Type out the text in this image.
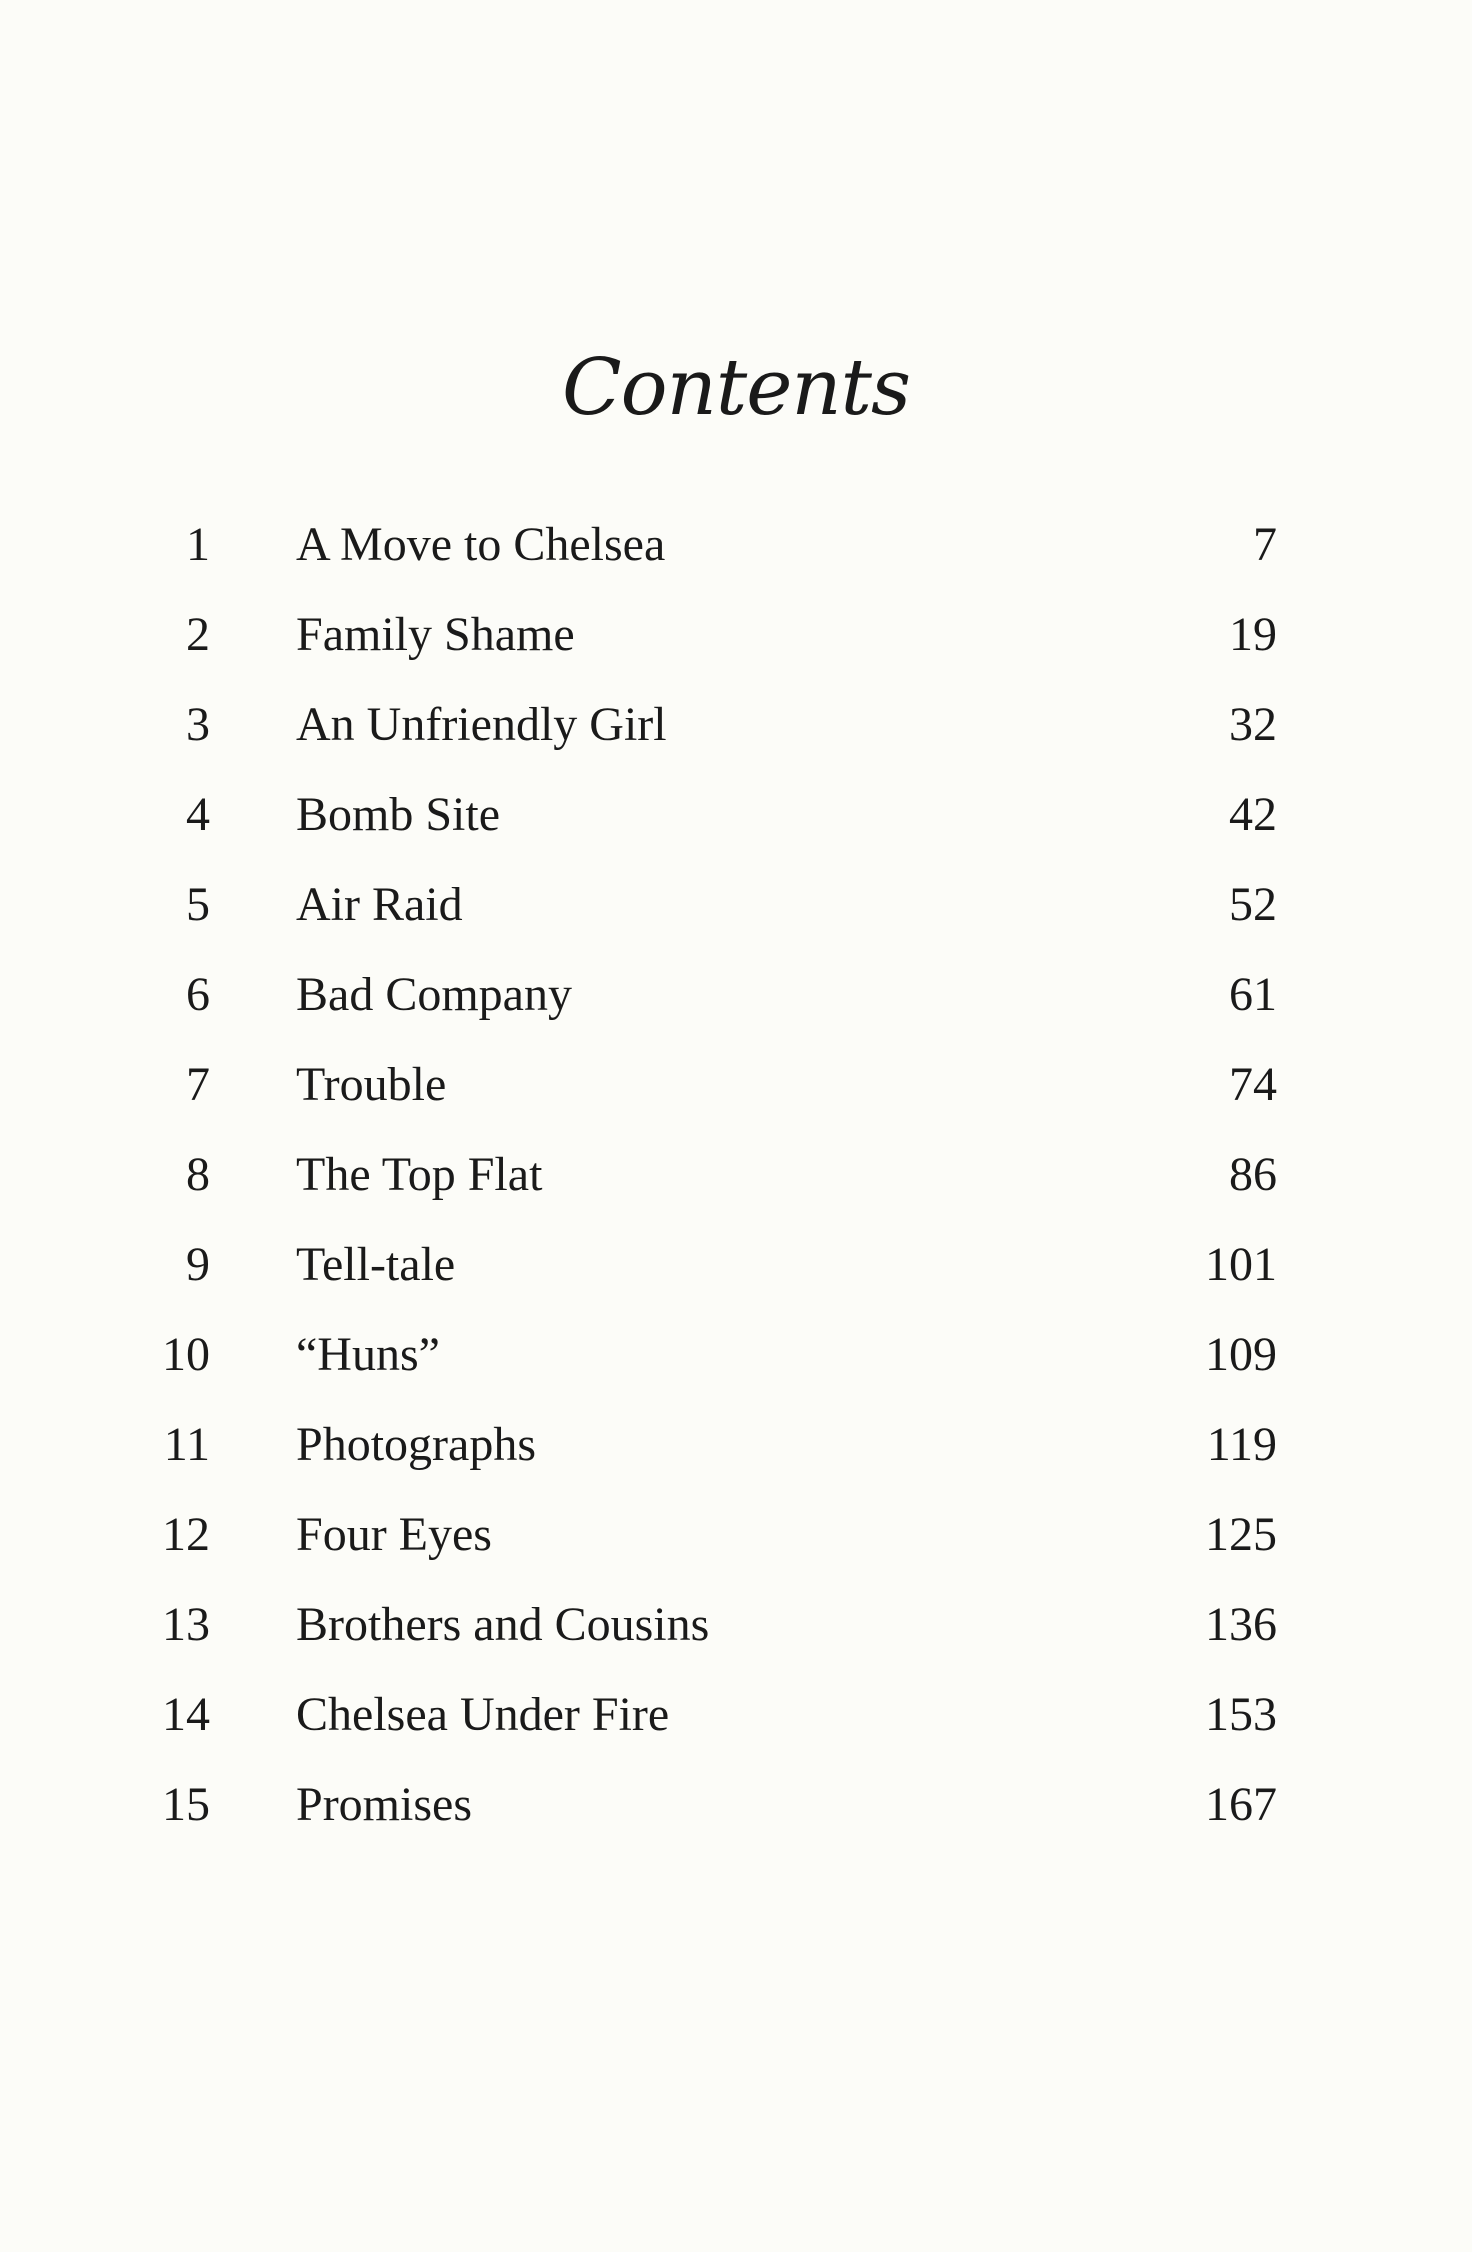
Contents
1 A Move to Chelsea	7
2 Family Shame	19
3 An Unfriendly Girl	32
4 Bomb Site	42
5 Air Raid	52
6 Bad Company	61
7 Trouble	74
8 The Top Flat	86
9 Tell-tale	101
10 “Huns”	109
11 Photographs	119
12 Four Eyes	125
13 Brothers and Cousins	136
14 Chelsea Under Fire	153
15 Promises	167
